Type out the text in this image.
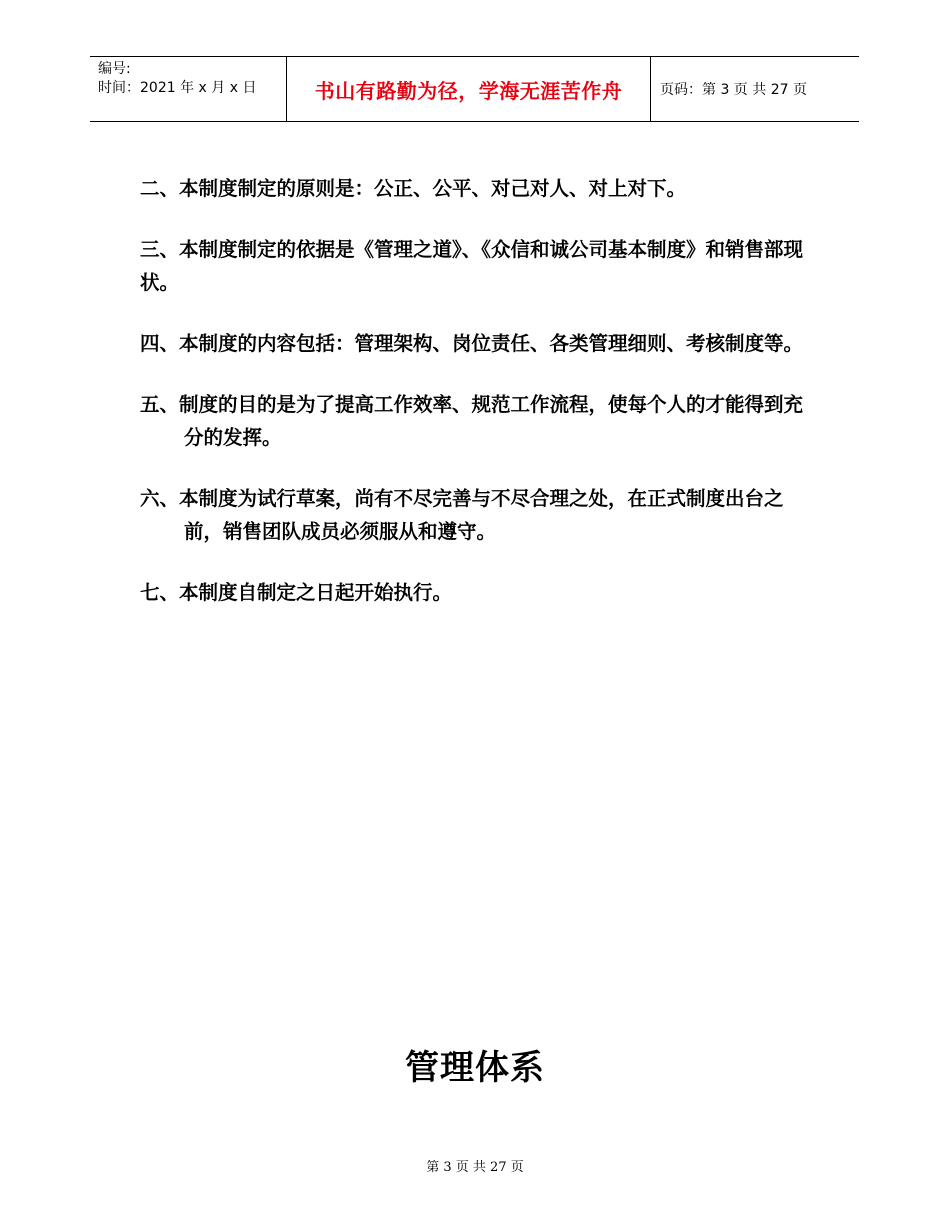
编号:
时间：2021 年 x 月 x 日	书山有路勤为径，学海无涯苦作舟	页码：第 3 页 共 27 页

二、本制度制定的原则是：公正、公平、对己对人、对上对下。

三、本制度制定的依据是《管理之道》、《众信和诚公司基本制度》和销售部现状。

四、本制度的内容包括：管理架构、岗位责任、各类管理细则、考核制度等。

五、制度的目的是为了提高工作效率、规范工作流程，使每个人的才能得到充分的发挥。

六、本制度为试行草案，尚有不尽完善与不尽合理之处，在正式制度出台之前，销售团队成员必须服从和遵守。

七、本制度自制定之日起开始执行。

管理体系
第 3 页 共 27 页
